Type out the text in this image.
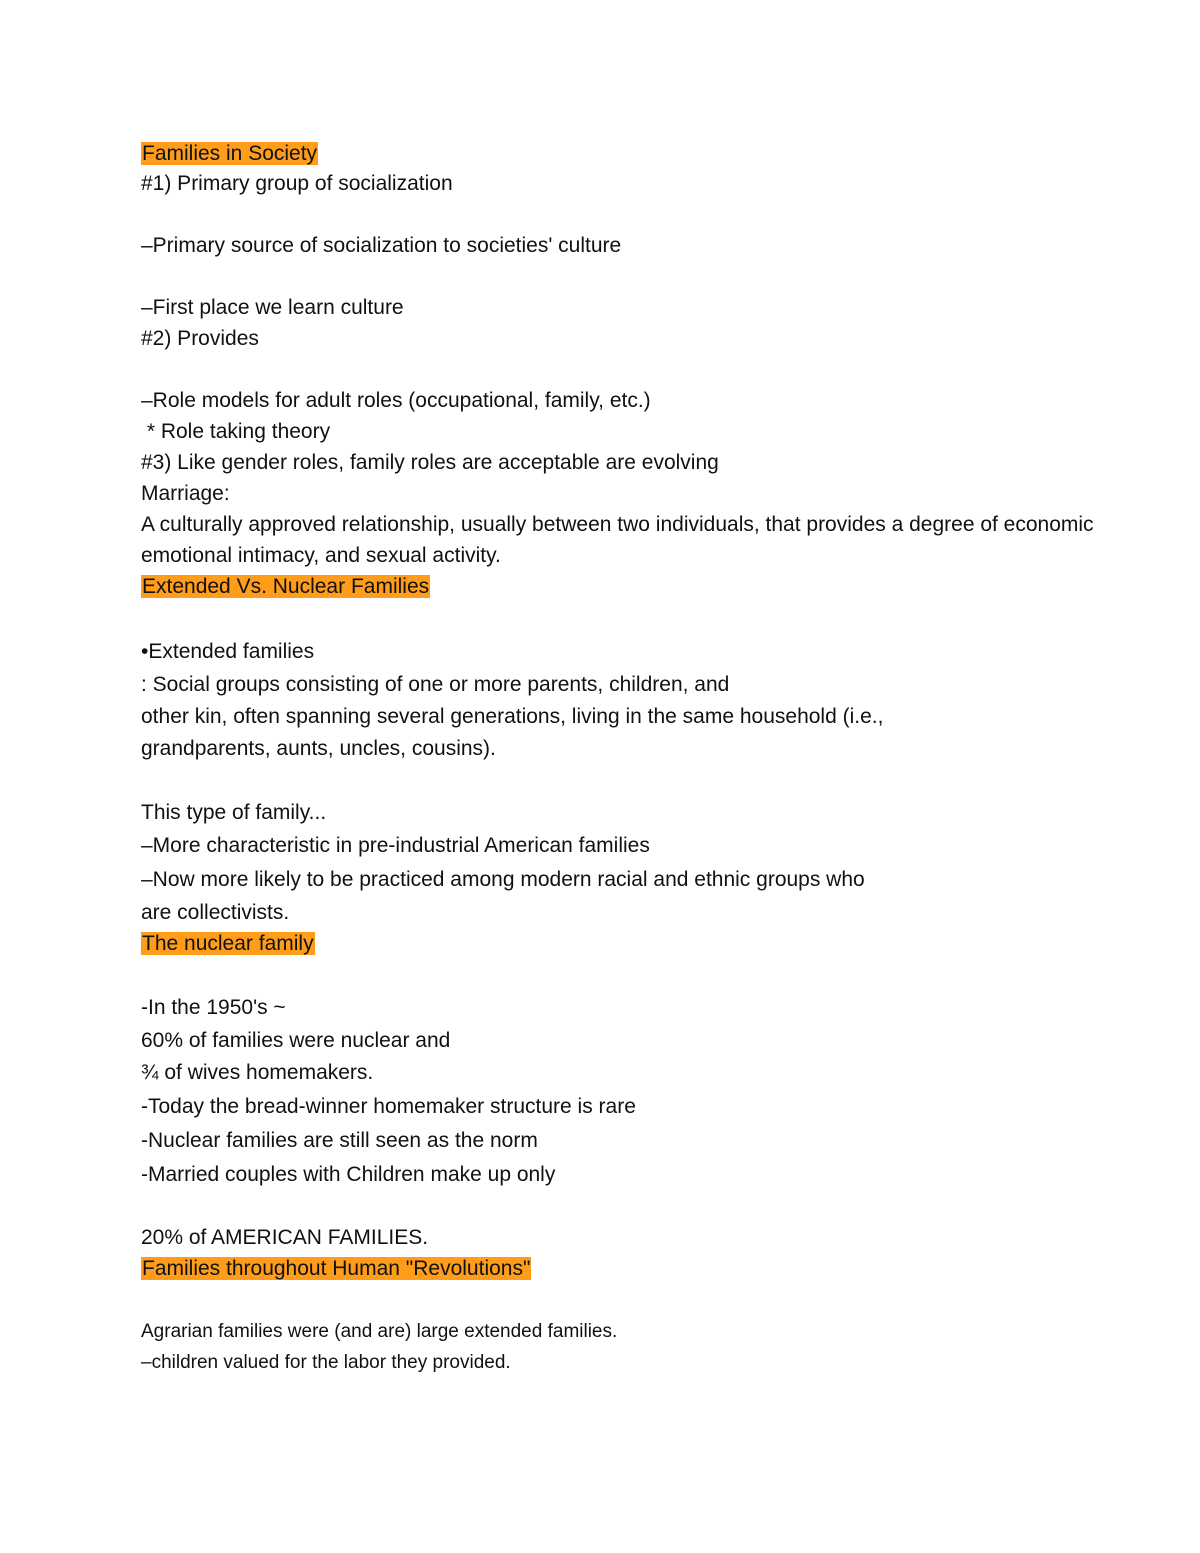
Families in Society
#1) Primary group of socialization
–Primary source of socialization to societies' culture
–First place we learn culture
#2) Provides
–Role models for adult roles (occupational, family, etc.)
* Role taking theory
#3) Like gender roles, family roles are acceptable are evolving
Marriage:
A culturally approved relationship, usually between two individuals, that provides a degree of economic
emotional intimacy, and sexual activity.
Extended Vs. Nuclear Families
•Extended families
: Social groups consisting of one or more parents, children, and
other kin, often spanning several generations, living in the same household (i.e.,
grandparents, aunts, uncles, cousins).
This type of family...
–More characteristic in pre-industrial American families
–Now more likely to be practiced among modern racial and ethnic groups who
are collectivists.
The nuclear family
-In the 1950's ~
60% of families were nuclear and
¾ of wives homemakers.
-Today the bread-winner homemaker structure is rare
-Nuclear families are still seen as the norm
-Married couples with Children make up only
20% of AMERICAN FAMILIES.
Families throughout Human "Revolutions"
Agrarian families were (and are) large extended families.
–children valued for the labor they provided.
